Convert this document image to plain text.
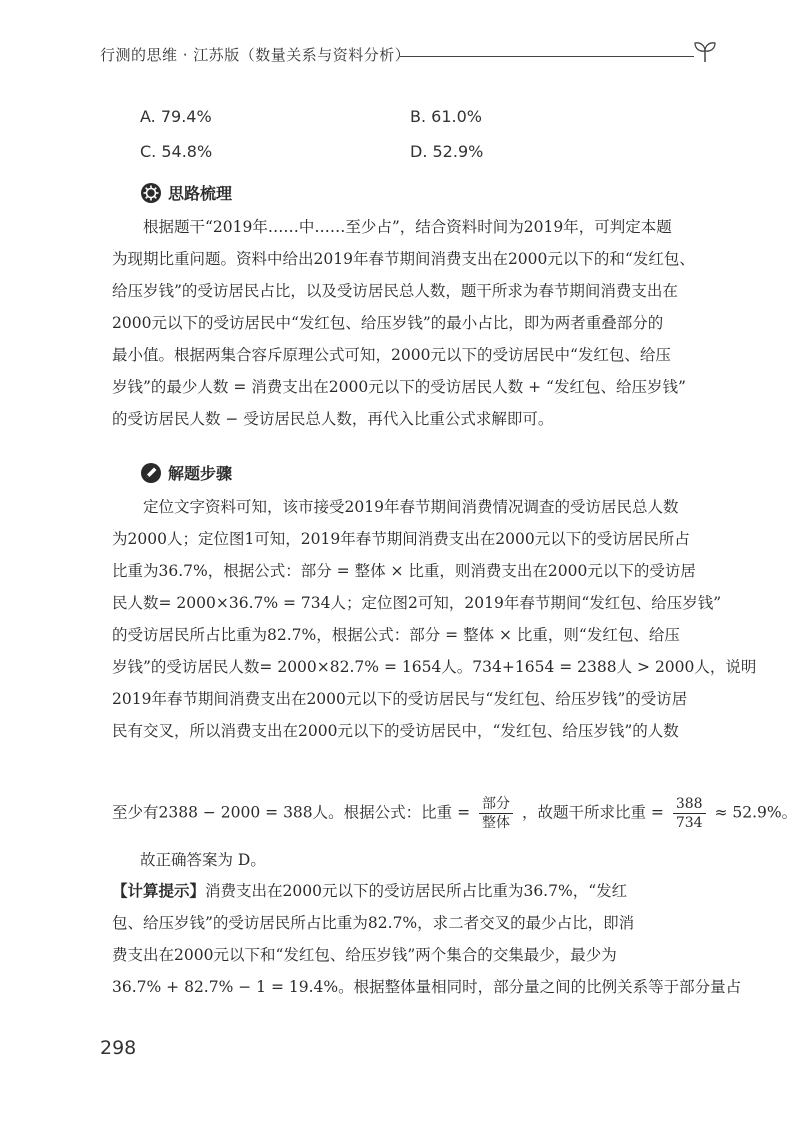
行测的思维 · 江苏版（数量关系与资料分析）
A. 79.4%	B. 61.0%
C. 54.8%	D. 52.9%
思路梳理
　　根据题干“2019年……中……至少占”，结合资料时间为2019年，可判定本题
为现期比重问题。资料中给出2019年春节期间消费支出在2000元以下的和“发红包、
给压岁钱”的受访居民占比，以及受访居民总人数，题干所求为春节期间消费支出在
2000元以下的受访居民中“发红包、给压岁钱”的最小占比，即为两者重叠部分的
最小值。根据两集合容斥原理公式可知，2000元以下的受访居民中“发红包、给压
岁钱”的最少人数 = 消费支出在2000元以下的受访居民人数 + “发红包、给压岁钱”
的受访居民人数 − 受访居民总人数，再代入比重公式求解即可。
解题步骤
　　定位文字资料可知，该市接受2019年春节期间消费情况调查的受访居民总人数
为2000人；定位图1可知，2019年春节期间消费支出在2000元以下的受访居民所占
比重为36.7%，根据公式：部分 = 整体 × 比重，则消费支出在2000元以下的受访居
民人数= 2000×36.7% = 734人；定位图2可知，2019年春节期间“发红包、给压岁钱”
的受访居民所占比重为82.7%，根据公式：部分 = 整体 × 比重，则“发红包、给压
岁钱”的受访居民人数= 2000×82.7% = 1654人。734+1654 = 2388人 > 2000人，说明
2019年春节期间消费支出在2000元以下的受访居民与“发红包、给压岁钱”的受访居
民有交叉，所以消费支出在2000元以下的受访居民中，“发红包、给压岁钱”的人数
至少有2388 − 2000 = 388人。根据公式：比重 = $\frac{\text{部分}}{\text{整体}}$ ，故题干所求比重 = $\frac{388}{734} \approx 52.9\%$。
故正确答案为 D。
【计算提示】消费支出在2000元以下的受访居民所占比重为36.7%，“发红
包、给压岁钱”的受访居民所占比重为82.7%，求二者交叉的最少占比，即消
费支出在2000元以下和“发红包、给压岁钱”两个集合的交集最少，最少为
36.7% + 82.7% − 1 = 19.4%。根据整体量相同时，部分量之间的比例关系等于部分量占
298
